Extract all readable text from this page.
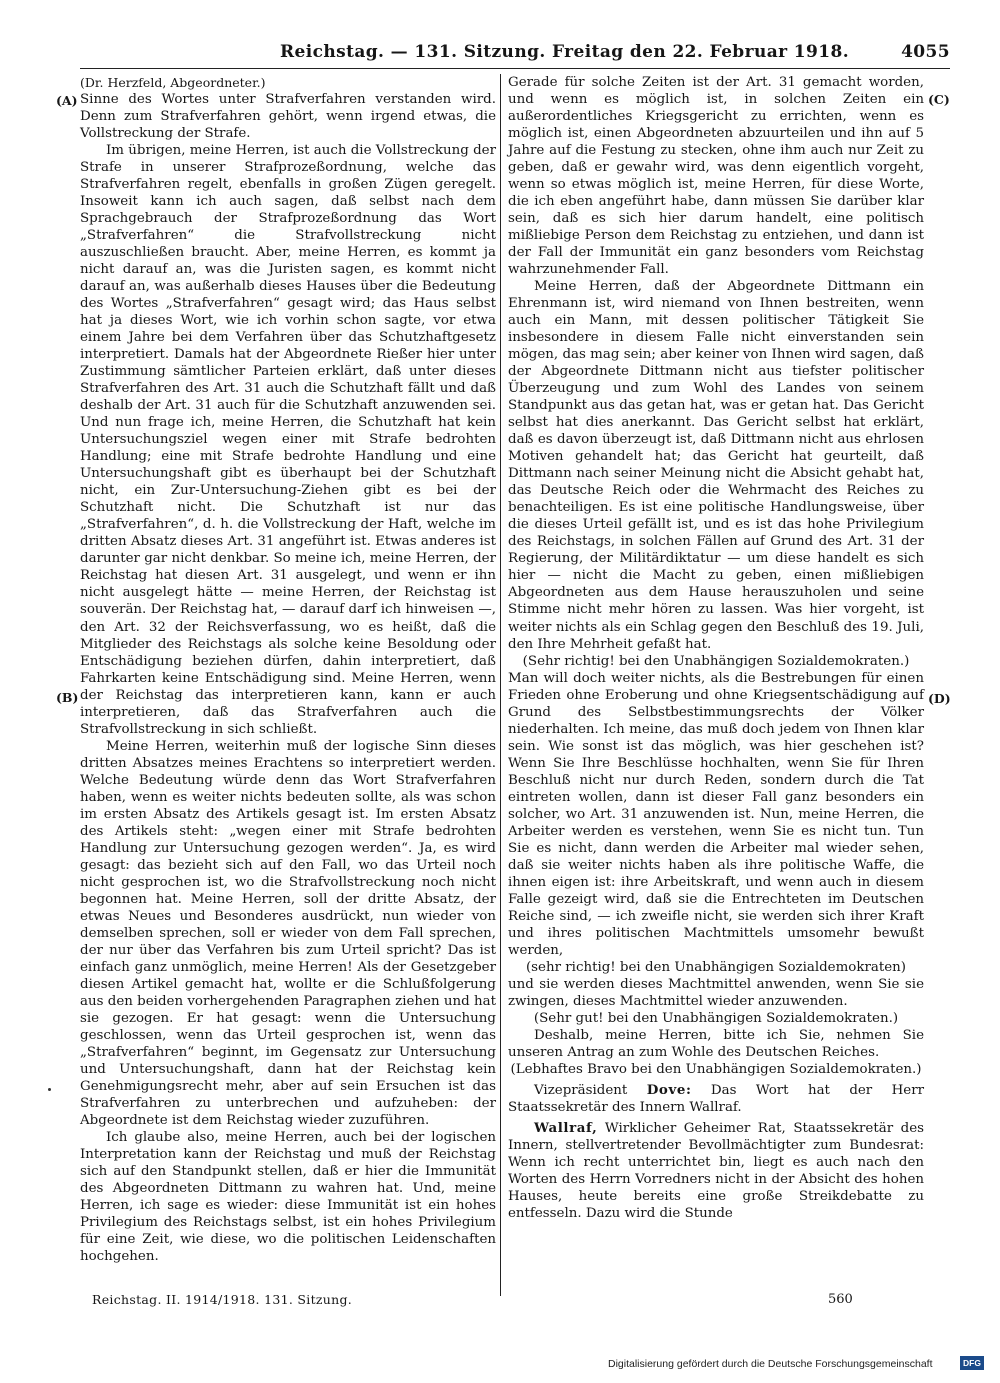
Reichstag. — 131. Sitzung. Freitag den 22. Februar 1918.	4055
(A)
(B)
(C)
(D)

(Dr. Herzfeld, Abgeordneter.)

Sinne des Wortes unter Strafverfahren verstanden wird. Denn zum Strafverfahren gehört, wenn irgend etwas, die Vollstreckung der Strafe.

Im übrigen, meine Herren, ist auch die Vollstreckung der Strafe in unserer Strafprozeßordnung, welche das Strafverfahren regelt, ebenfalls in großen Zügen geregelt. Insoweit kann ich auch sagen, daß selbst nach dem Sprachgebrauch der Strafprozeßordnung das Wort „Strafverfahren“ die Strafvollstreckung nicht auszuschließen braucht. Aber, meine Herren, es kommt ja nicht darauf an, was die Juristen sagen, es kommt nicht darauf an, was außerhalb dieses Hauses über die Bedeutung des Wortes „Strafverfahren“ gesagt wird; das Haus selbst hat ja dieses Wort, wie ich vorhin schon sagte, vor etwa einem Jahre bei dem Verfahren über das Schutzhaftgesetz interpretiert. Damals hat der Abgeordnete Rießer hier unter Zustimmung sämtlicher Parteien erklärt, daß unter dieses Strafverfahren des Art. 31 auch die Schutzhaft fällt und daß deshalb der Art. 31 auch für die Schutzhaft anzuwenden sei. Und nun frage ich, meine Herren, die Schutzhaft hat kein Untersuchungsziel wegen einer mit Strafe bedrohten Handlung; eine mit Strafe bedrohte Handlung und eine Untersuchungshaft gibt es überhaupt bei der Schutzhaft nicht, ein Zur-Untersuchung-Ziehen gibt es bei der Schutzhaft nicht. Die Schutzhaft ist nur das „Strafverfahren“, d. h. die Vollstreckung der Haft, welche im dritten Absatz dieses Art. 31 angeführt ist. Etwas anderes ist darunter gar nicht denkbar. So meine ich, meine Herren, der Reichstag hat diesen Art. 31 ausgelegt, und wenn er ihn nicht ausgelegt hätte — meine Herren, der Reichstag ist souverän. Der Reichstag hat, — darauf darf ich hinweisen —, den Art. 32 der Reichsverfassung, wo es heißt, daß die Mitglieder des Reichstags als solche keine Besoldung oder Entschädigung beziehen dürfen, dahin interpretiert, daß Fahrkarten keine Entschädigung sind. Meine Herren, wenn der Reichstag das interpretieren kann, kann er auch interpretieren, daß das Strafverfahren auch die Strafvollstreckung in sich schließt.

Meine Herren, weiterhin muß der logische Sinn dieses dritten Absatzes meines Erachtens so interpretiert werden. Welche Bedeutung würde denn das Wort Strafverfahren haben, wenn es weiter nichts bedeuten sollte, als was schon im ersten Absatz des Artikels gesagt ist. Im ersten Absatz des Artikels steht: „wegen einer mit Strafe bedrohten Handlung zur Untersuchung gezogen werden“. Ja, es wird gesagt: das bezieht sich auf den Fall, wo das Urteil noch nicht gesprochen ist, wo die Strafvollstreckung noch nicht begonnen hat. Meine Herren, soll der dritte Absatz, der etwas Neues und Besonderes ausdrückt, nun wieder von demselben sprechen, soll er wieder von dem Fall sprechen, der nur über das Verfahren bis zum Urteil spricht? Das ist einfach ganz unmöglich, meine Herren! Als der Gesetzgeber diesen Artikel gemacht hat, wollte er die Schlußfolgerung aus den beiden vorhergehenden Paragraphen ziehen und hat sie gezogen. Er hat gesagt: wenn die Untersuchung geschlossen, wenn das Urteil gesprochen ist, wenn das „Strafverfahren“ beginnt, im Gegensatz zur Untersuchung und Untersuchungshaft, dann hat der Reichstag kein Genehmigungsrecht mehr, aber auf sein Ersuchen ist das Strafverfahren zu unterbrechen und aufzuheben: der Abgeordnete ist dem Reichstag wieder zuzuführen.

Ich glaube also, meine Herren, auch bei der logischen Interpretation kann der Reichstag und muß der Reichstag sich auf den Standpunkt stellen, daß er hier die Immunität des Abgeordneten Dittmann zu wahren hat. Und, meine Herren, ich sage es wieder: diese Immunität ist ein hohes Privilegium des Reichstags selbst, ist ein hohes Privilegium für eine Zeit, wie diese, wo die politischen Leidenschaften hochgehen.

Gerade für solche Zeiten ist der Art. 31 gemacht worden, und wenn es möglich ist, in solchen Zeiten ein außerordentliches Kriegsgericht zu errichten, wenn es möglich ist, einen Abgeordneten abzuurteilen und ihn auf 5 Jahre auf die Festung zu stecken, ohne ihm auch nur Zeit zu geben, daß er gewahr wird, was denn eigentlich vorgeht, wenn so etwas möglich ist, meine Herren, für diese Worte, die ich eben angeführt habe, dann müssen Sie darüber klar sein, daß es sich hier darum handelt, eine politisch mißliebige Person dem Reichstag zu entziehen, und dann ist der Fall der Immunität ein ganz besonders vom Reichstag wahrzunehmender Fall.

Meine Herren, daß der Abgeordnete Dittmann ein Ehrenmann ist, wird niemand von Ihnen bestreiten, wenn auch ein Mann, mit dessen politischer Tätigkeit Sie insbesondere in diesem Falle nicht einverstanden sein mögen, das mag sein; aber keiner von Ihnen wird sagen, daß der Abgeordnete Dittmann nicht aus tiefster politischer Überzeugung und zum Wohl des Landes von seinem Standpunkt aus das getan hat, was er getan hat. Das Gericht selbst hat dies anerkannt. Das Gericht selbst hat erklärt, daß es davon überzeugt ist, daß Dittmann nicht aus ehrlosen Motiven gehandelt hat; das Gericht hat geurteilt, daß Dittmann nach seiner Meinung nicht die Absicht gehabt hat, das Deutsche Reich oder die Wehrmacht des Reiches zu benachteiligen. Es ist eine politische Handlungsweise, über die dieses Urteil gefällt ist, und es ist das hohe Privilegium des Reichstags, in solchen Fällen auf Grund des Art. 31 der Regierung, der Militärdiktatur — um diese handelt es sich hier — nicht die Macht zu geben, einen mißliebigen Abgeordneten aus dem Hause herauszuholen und seine Stimme nicht mehr hören zu lassen. Was hier vorgeht, ist weiter nichts als ein Schlag gegen den Beschluß des 19. Juli, den Ihre Mehrheit gefaßt hat.

(Sehr richtig! bei den Unabhängigen Sozialdemokraten.)

Man will doch weiter nichts, als die Bestrebungen für einen Frieden ohne Eroberung und ohne Kriegsentschädigung auf Grund des Selbstbestimmungsrechts der Völker niederhalten. Ich meine, das muß doch jedem von Ihnen klar sein. Wie sonst ist das möglich, was hier geschehen ist? Wenn Sie Ihre Beschlüsse hochhalten, wenn Sie für Ihren Beschluß nicht nur durch Reden, sondern durch die Tat eintreten wollen, dann ist dieser Fall ganz besonders ein solcher, wo Art. 31 anzuwenden ist. Nun, meine Herren, die Arbeiter werden es verstehen, wenn Sie es nicht tun. Tun Sie es nicht, dann werden die Arbeiter mal wieder sehen, daß sie weiter nichts haben als ihre politische Waffe, die ihnen eigen ist: ihre Arbeitskraft, und wenn auch in diesem Falle gezeigt wird, daß sie die Entrechteten im Deutschen Reiche sind, — ich zweifle nicht, sie werden sich ihrer Kraft und ihres politischen Machtmittels umsomehr bewußt werden,

(sehr richtig! bei den Unabhängigen Sozialdemokraten)

und sie werden dieses Machtmittel anwenden, wenn Sie sie zwingen, dieses Machtmittel wieder anzuwenden.

(Sehr gut! bei den Unabhängigen Sozialdemokraten.)

Deshalb, meine Herren, bitte ich Sie, nehmen Sie unseren Antrag an zum Wohle des Deutschen Reiches.

(Lebhaftes Bravo bei den Unabhängigen Sozialdemokraten.)

Vizepräsident Dove: Das Wort hat der Herr Staatssekretär des Innern Wallraf.

Wallraf, Wirklicher Geheimer Rat, Staatssekretär des Innern, stellvertretender Bevollmächtigter zum Bundesrat: Wenn ich recht unterrichtet bin, liegt es auch nach den Worten des Herrn Vorredners nicht in der Absicht des hohen Hauses, heute bereits eine große Streikdebatte zu entfesseln. Dazu wird die Stunde

Reichstag. II. 1914/1918. 131. Sitzung.	560
Digitalisierung gefördert durch die Deutsche Forschungsgemeinschaft	DFG
